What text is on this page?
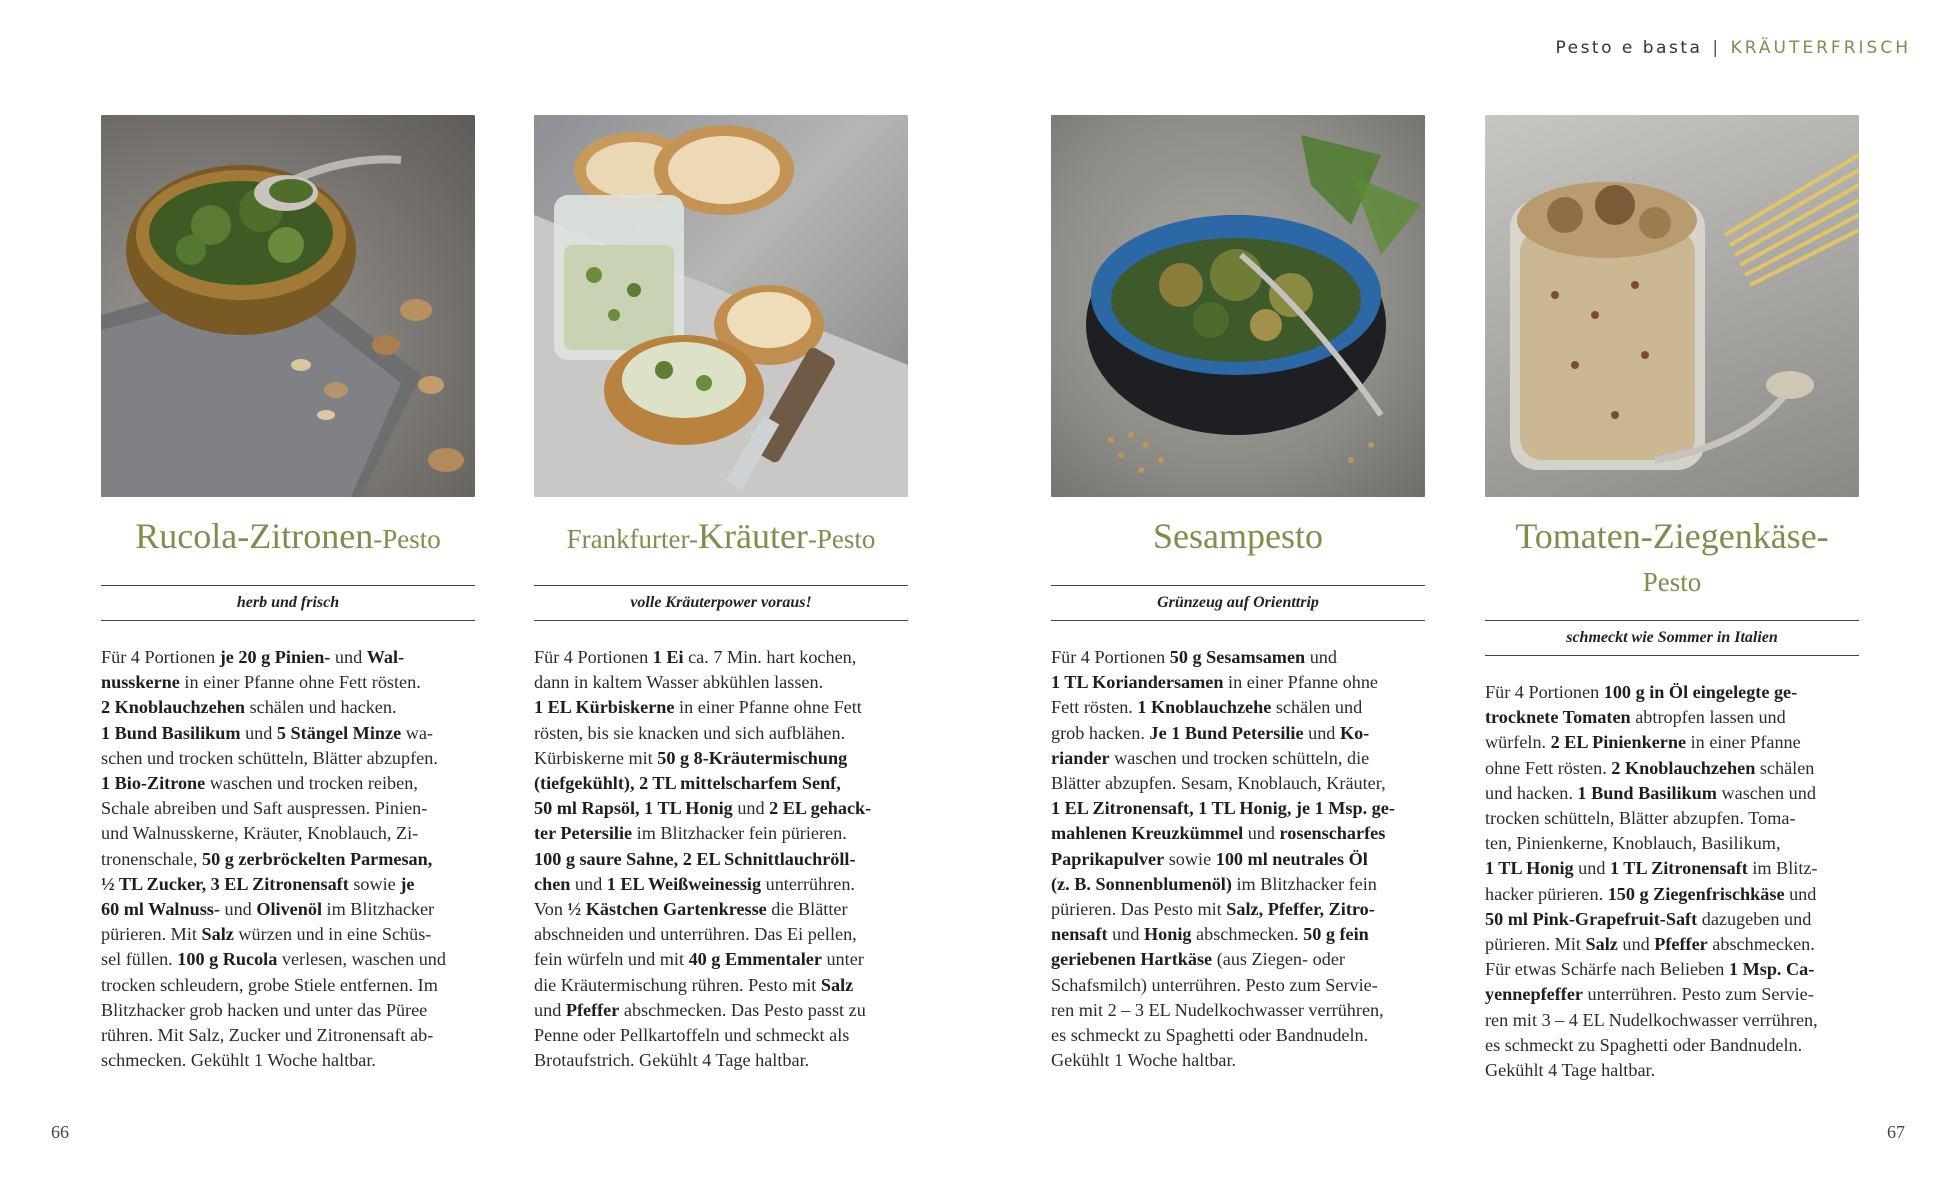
Pesto e basta | KRÄUTERFRISCH
Rucola-Zitronen-Pesto
herb und frisch
Für 4 Portionen je 20 g Pinien- und Wal-
nusskerne in einer Pfanne ohne Fett rösten.
2 Knoblauchzehen schälen und hacken.
1 Bund Basilikum und 5 Stängel Minze wa-
schen und trocken schütteln, Blätter abzupfen.
1 Bio-Zitrone waschen und trocken reiben,
Schale abreiben und Saft auspressen. Pinien-
und Walnusskerne, Kräuter, Knoblauch, Zi-
tronenschale, 50 g zerbröckelten Parmesan,
½ TL Zucker, 3 EL Zitronensaft sowie je
60 ml Walnuss- und Olivenöl im Blitzhacker
pürieren. Mit Salz würzen und in eine Schüs-
sel füllen. 100 g Rucola verlesen, waschen und
trocken schleudern, grobe Stiele entfernen. Im
Blitzhacker grob hacken und unter das Püree
rühren. Mit Salz, Zucker und Zitronensaft ab-
schmecken. Gekühlt 1 Woche haltbar.
Frankfurter-Kräuter-Pesto
volle Kräuterpower voraus!
Für 4 Portionen 1 Ei ca. 7 Min. hart kochen,
dann in kaltem Wasser abkühlen lassen.
1 EL Kürbiskerne in einer Pfanne ohne Fett
rösten, bis sie knacken und sich aufblähen.
Kürbiskerne mit 50 g 8-Kräutermischung
(tiefgekühlt), 2 TL mittelscharfem Senf,
50 ml Rapsöl, 1 TL Honig und 2 EL gehack-
ter Petersilie im Blitzhacker fein pürieren.
100 g saure Sahne, 2 EL Schnittlauchröll-
chen und 1 EL Weißweinessig unterrühren.
Von ½ Kästchen Gartenkresse die Blätter
abschneiden und unterrühren. Das Ei pellen,
fein würfeln und mit 40 g Emmentaler unter
die Kräutermischung rühren. Pesto mit Salz
und Pfeffer abschmecken. Das Pesto passt zu
Penne oder Pellkartoffeln und schmeckt als
Brotaufstrich. Gekühlt 4 Tage haltbar.
Sesampesto
Grünzeug auf Orienttrip
Für 4 Portionen 50 g Sesamsamen und
1 TL Koriandersamen in einer Pfanne ohne
Fett rösten. 1 Knoblauchzehe schälen und
grob hacken. Je 1 Bund Petersilie und Ko-
riander waschen und trocken schütteln, die
Blätter abzupfen. Sesam, Knoblauch, Kräuter,
1 EL Zitronensaft, 1 TL Honig, je 1 Msp. ge-
mahlenen Kreuzkümmel und rosenscharfes
Paprikapulver sowie 100 ml neutrales Öl
(z. B. Sonnenblumenöl) im Blitzhacker fein
pürieren. Das Pesto mit Salz, Pfeffer, Zitro-
nensaft und Honig abschmecken. 50 g fein
geriebenen Hartkäse (aus Ziegen- oder
Schafsmilch) unterrühren. Pesto zum Servie-
ren mit 2 – 3 EL Nudelkochwasser verrühren,
es schmeckt zu Spaghetti oder Bandnudeln.
Gekühlt 1 Woche haltbar.
Tomaten-Ziegenkäse-
Pesto
schmeckt wie Sommer in Italien
Für 4 Portionen 100 g in Öl eingelegte ge-
trocknete Tomaten abtropfen lassen und
würfeln. 2 EL Pinienkerne in einer Pfanne
ohne Fett rösten. 2 Knoblauchzehen schälen
und hacken. 1 Bund Basilikum waschen und
trocken schütteln, Blätter abzupfen. Toma-
ten, Pinienkerne, Knoblauch, Basilikum,
1 TL Honig und 1 TL Zitronensaft im Blitz-
hacker pürieren. 150 g Ziegenfrischkäse und
50 ml Pink-Grapefruit-Saft dazugeben und
pürieren. Mit Salz und Pfeffer abschmecken.
Für etwas Schärfe nach Belieben 1 Msp. Ca-
yennepfeffer unterrühren. Pesto zum Servie-
ren mit 3 – 4 EL Nudelkochwasser verrühren,
es schmeckt zu Spaghetti oder Bandnudeln.
Gekühlt 4 Tage haltbar.
66	67
